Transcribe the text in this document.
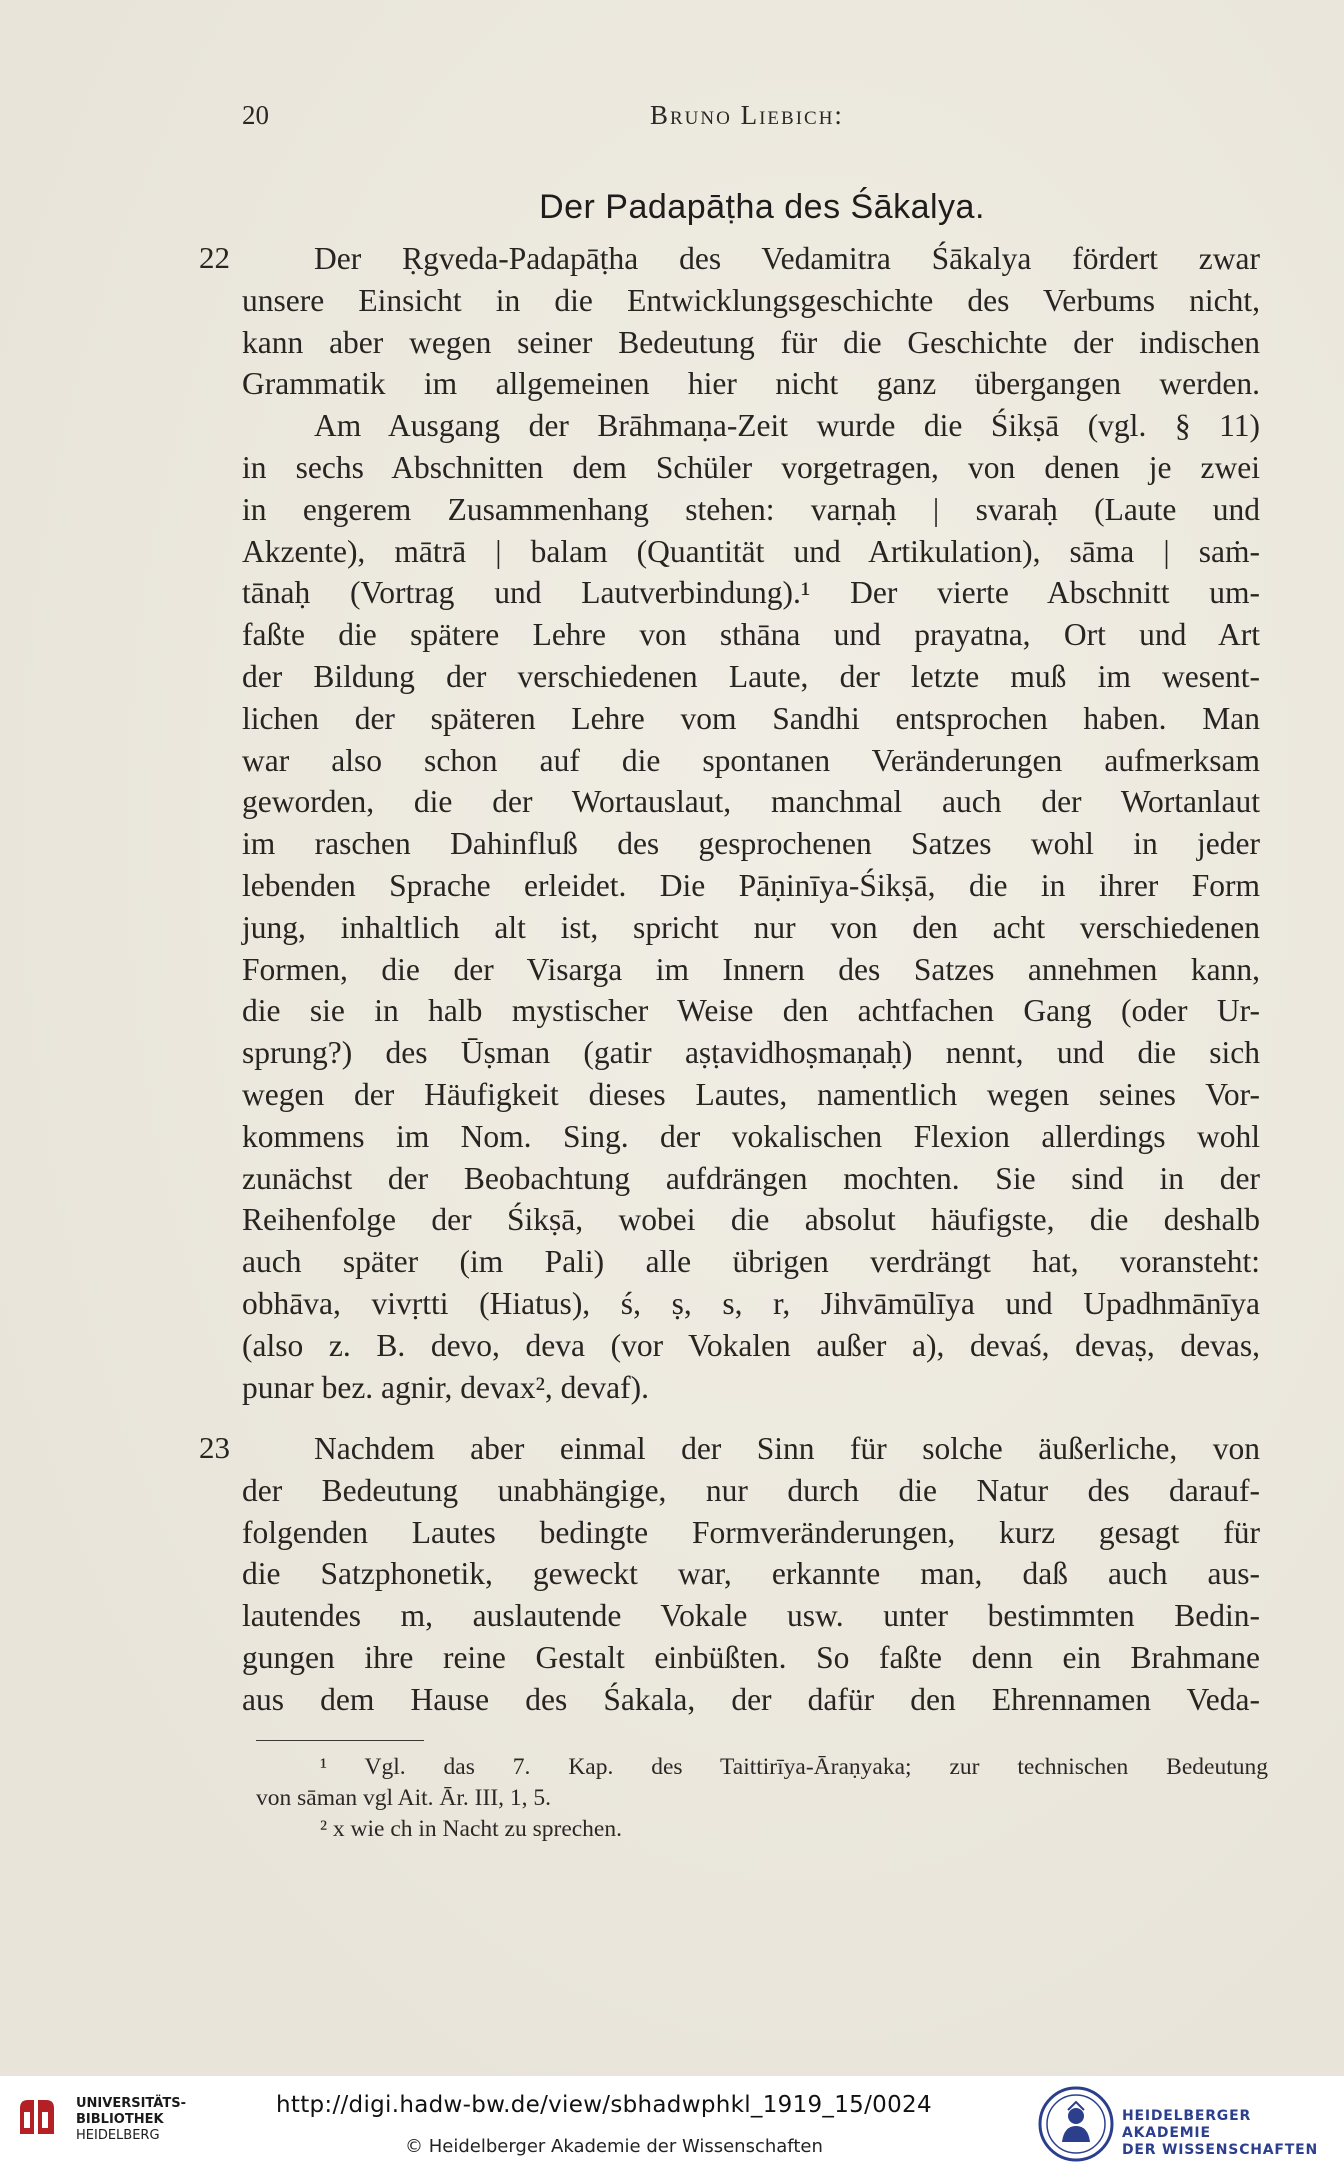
20	Bruno Liebich:
Der Padapāṭha des Śākalya.
22	Der Ṛgveda-Padapāṭha des Vedamitra Śākalya fördert zwar

unsere Einsicht in die Entwicklungsgeschichte des Verbums nicht,

kann aber wegen seiner Bedeutung für die Geschichte der indischen

Grammatik im allgemeinen hier nicht ganz übergangen werden.

Am Ausgang der Brāhmaṇa-Zeit wurde die Śikṣā (vgl. § 11)

in sechs Abschnitten dem Schüler vorgetragen, von denen je zwei

in engerem Zusammenhang stehen: varṇaḥ | svaraḥ (Laute und

Akzente), mātrā | balam (Quantität und Artikulation), sāma | saṁ-

tānaḥ (Vortrag und Lautverbindung).¹ Der vierte Abschnitt um-

faßte die spätere Lehre von sthāna und prayatna, Ort und Art

der Bildung der verschiedenen Laute, der letzte muß im wesent-

lichen der späteren Lehre vom Sandhi entsprochen haben. Man

war also schon auf die spontanen Veränderungen aufmerksam

geworden, die der Wortauslaut, manchmal auch der Wortanlaut

im raschen Dahinfluß des gesprochenen Satzes wohl in jeder

lebenden Sprache erleidet. Die Pāṇinīya-Śikṣā, die in ihrer Form

jung, inhaltlich alt ist, spricht nur von den acht verschiedenen

Formen, die der Visarga im Innern des Satzes annehmen kann,

die sie in halb mystischer Weise den achtfachen Gang (oder Ur-

sprung?) des Ūṣman (gatir aṣṭavidhoṣmaṇaḥ) nennt, und die sich

wegen der Häufigkeit dieses Lautes, namentlich wegen seines Vor-

kommens im Nom. Sing. der vokalischen Flexion allerdings wohl

zunächst der Beobachtung aufdrängen mochten. Sie sind in der

Reihenfolge der Śikṣā, wobei die absolut häufigste, die deshalb

auch später (im Pali) alle übrigen verdrängt hat, voransteht:

obhāva, vivṛtti (Hiatus), ś, ṣ, s, r, Jihvāmūlīya und Upadhmānīya

(also z. B. devo, deva (vor Vokalen außer a), devaś, devaṣ, devas,

punar bez. agnir, devax², devaf).

23	Nachdem aber einmal der Sinn für solche äußerliche, von

der Bedeutung unabhängige, nur durch die Natur des darauf-

folgenden Lautes bedingte Formveränderungen, kurz gesagt für

die Satzphonetik, geweckt war, erkannte man, daß auch aus-

lautendes m, auslautende Vokale usw. unter bestimmten Bedin-

gungen ihre reine Gestalt einbüßten. So faßte denn ein Brahmane

aus dem Hause des Śakala, der dafür den Ehrennamen Veda-

¹ Vgl. das 7. Kap. des Taittirīya-Āraṇyaka; zur technischen Bedeutung

von sāman vgl Ait. Ār. III, 1, 5.

² x wie ch in Nacht zu sprechen.

UNIVERSITÄTS-
BIBLIOTHEK
HEIDELBERG
http://digi.hadw-bw.de/view/sbhadwphkl_1919_15/0024
© Heidelberger Akademie der Wissenschaften
HEIDELBERGER AKADEMIE
DER WISSENSCHAFTEN
